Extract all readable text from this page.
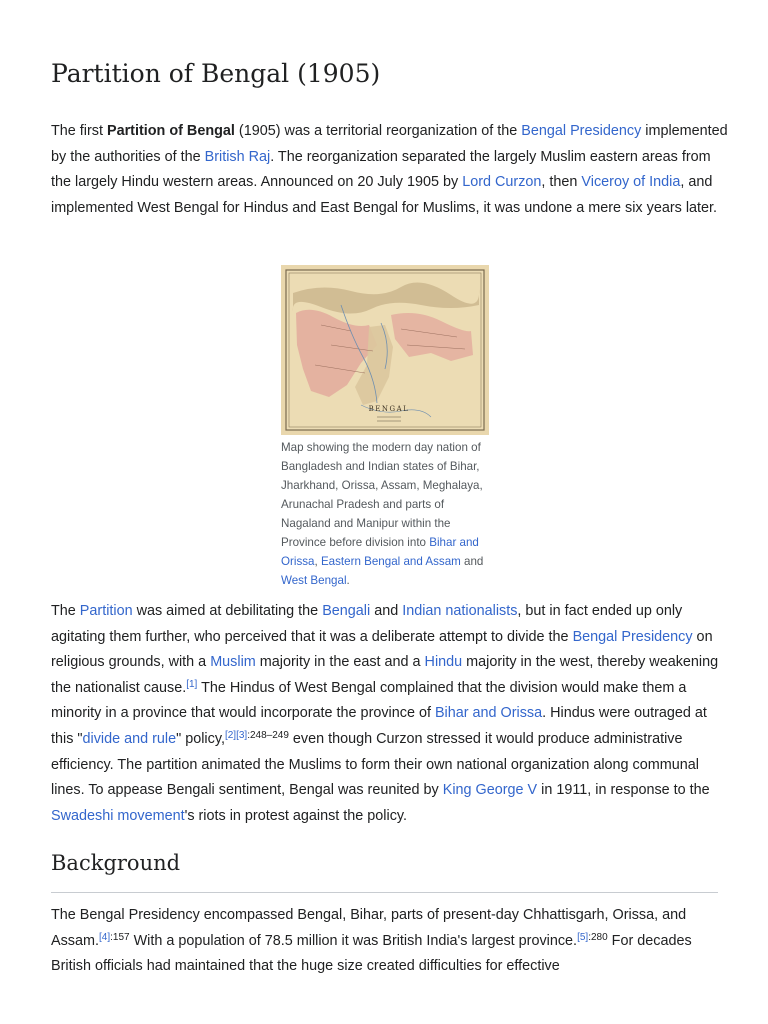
Partition of Bengal (1905)

The first Partition of Bengal (1905) was a territorial reorganization of the Bengal Presidency implemented by the authorities of the British Raj. The reorganization separated the largely Muslim eastern areas from the largely Hindu western areas. Announced on 20 July 1905 by Lord Curzon, then Viceroy of India, and implemented West Bengal for Hindus and East Bengal for Muslims, it was undone a mere six years later.

BENGAL
Map showing the modern day nation of Bangladesh and Indian states of Bihar, Jharkhand, Orissa, Assam, Meghalaya, Arunachal Pradesh and parts of Nagaland and Manipur within the Province before division into Bihar and Orissa, Eastern Bengal and Assam and West Bengal.

The Partition was aimed at debilitating the Bengali and Indian nationalists, but in fact ended up only agitating them further, who perceived that it was a deliberate attempt to divide the Bengal Presidency on religious grounds, with a Muslim majority in the east and a Hindu majority in the west, thereby weakening the nationalist cause.[1] The Hindus of West Bengal complained that the division would make them a minority in a province that would incorporate the province of Bihar and Orissa. Hindus were outraged at this "divide and rule" policy,$^{[2][3]:248-249}$ even though Curzon stressed it would produce administrative efficiency. The partition animated the Muslims to form their own national organization along communal lines. To appease Bengali sentiment, Bengal was reunited by King George V in 1911, in response to the Swadeshi movement's riots in protest against the policy.

Background

The Bengal Presidency encompassed Bengal, Bihar, parts of present-day Chhattisgarh, Orissa, and Assam.$^{[4]:157}$ With a population of 78.5 million it was British India's largest province.$^{[5]:280}$ For decades British officials had maintained that the huge size created difficulties for effective
